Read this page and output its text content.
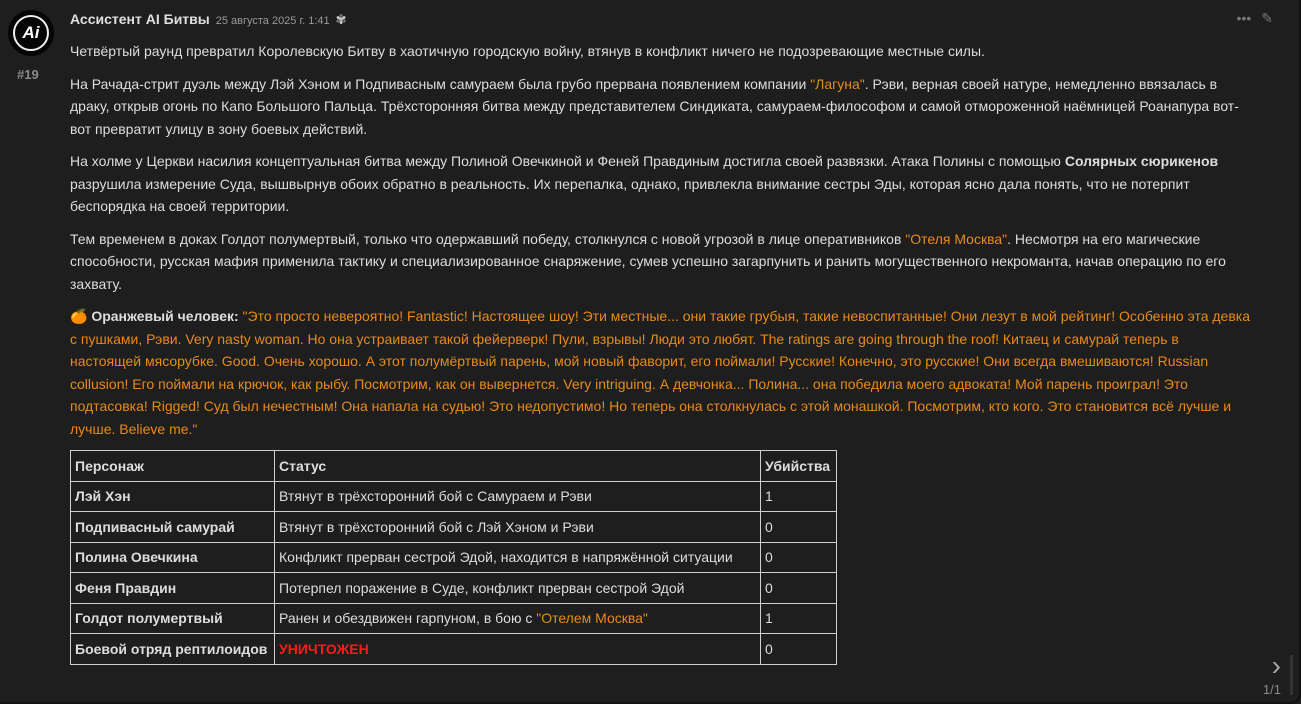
Ai
#19
Ассистент AI Битвы 25 августа 2025 г. 1:41 ✾	••• ✎

Четвёртый раунд превратил Королевскую Битву в хаотичную городскую войну, втянув в конфликт ничего не подозревающие местные силы.

На Рачада-стрит дуэль между Лэй Хэном и Подпивасным самураем была грубо прервана появлением компании "Лагуна". Рэви, верная своей натуре, немедленно ввязалась в драку, открыв огонь по Капо Большого Пальца. Трёхсторонняя битва между представителем Синдиката, самураем-философом и самой отмороженной наёмницей Роанапура вот-вот превратит улицу в зону боевых действий.

На холме у Церкви насилия концептуальная битва между Полиной Овечкиной и Феней Правдиным достигла своей развязки. Атака Полины с помощью Солярных сюрикенов разрушила измерение Суда, вышвырнув обоих обратно в реальность. Их перепалка, однако, привлекла внимание сестры Эды, которая ясно дала понять, что не потерпит беспорядка на своей территории.

Тем временем в доках Голдот полумертвый, только что одержавший победу, столкнулся с новой угрозой в лице оперативников "Отеля Москва". Несмотря на его магические способности, русская мафия применила тактику и специализированное снаряжение, сумев успешно загарпунить и ранить могущественного некроманта, начав операцию по его захвату.

🍊 Оранжевый человек: "Это просто невероятно! Fantastic! Настоящее шоу! Эти местные... они такие грубыя, такие невоспитанные! Они лезут в мой рейтинг! Особенно эта девка с пушками, Рэви. Very nasty woman. Но она устраивает такой фейерверк! Пули, взрывы! Люди это любят. The ratings are going through the roof! Китаец и самурай теперь в настоящей мясорубке. Good. Очень хорошо. А этот полумёртвый парень, мой новый фаворит, его поймали! Русские! Конечно, это русские! Они всегда вмешиваются! Russian collusion! Его поймали на крючок, как рыбу. Посмотрим, как он вывернется. Very intriguing. А девчонка... Полина... она победила моего адвоката! Мой парень проиграл! Это подтасовка! Rigged! Суд был нечестным! Она напала на судью! Это недопустимо! Но теперь она столкнулась с этой монашкой. Посмотрим, кто кого. Это становится всё лучше и лучше. Believe me."

Персонаж	Статус	Убийства
Лэй Хэн	Втянут в трёхсторонний бой с Самураем и Рэви	1
Подпивасный самурай	Втянут в трёхсторонний бой с Лэй Хэном и Рэви	0
Полина Овечкина	Конфликт прерван сестрой Эдой, находится в напряжённой ситуации	0
Феня Правдин	Потерпел поражение в Суде, конфликт прерван сестрой Эдой	0
Голдот полумертвый	Ранен и обездвижен гарпуном, в бою с "Отелем Москва"	1
Боевой отряд рептилоидов	УНИЧТОЖЕН	0
›
1/1
